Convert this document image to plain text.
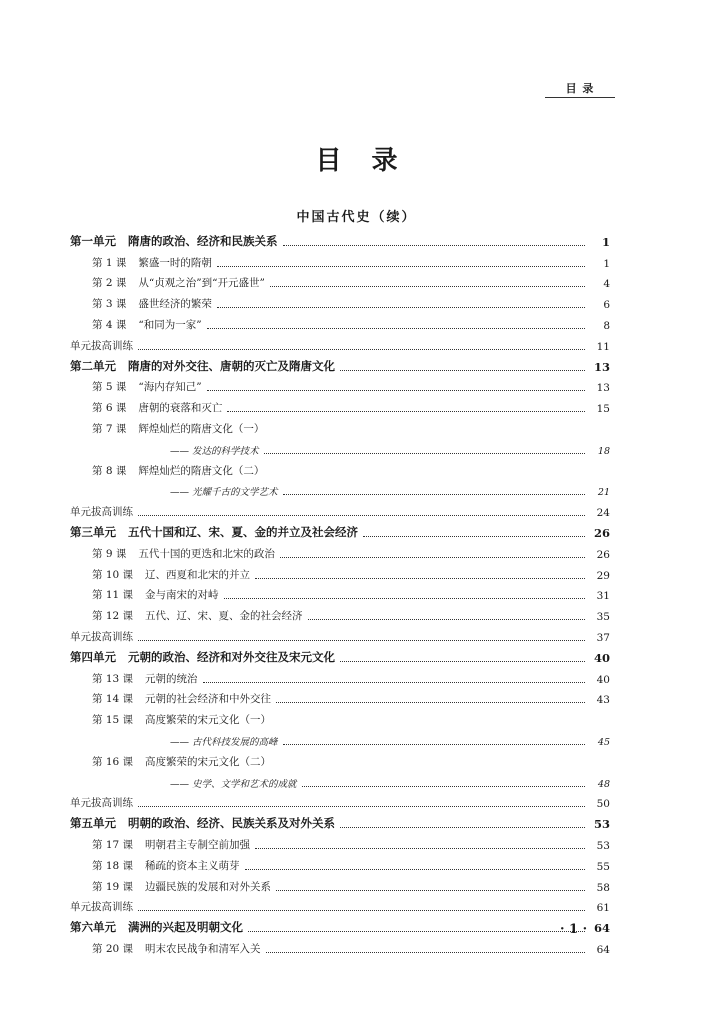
目 录
目录
中国古代史（续）
第一单元 隋唐的政治、经济和民族关系	1
第 1 课 繁盛一时的隋朝	1
第 2 课 从“贞观之治”到“开元盛世”	4
第 3 课 盛世经济的繁荣	6
第 4 课 “和同为一家”	8
单元拔高训练	11
第二单元 隋唐的对外交往、唐朝的灭亡及隋唐文化	13
第 5 课 “海内存知己”	13
第 6 课 唐朝的衰落和灭亡	15
第 7 课 辉煌灿烂的隋唐文化（一）
—— 发达的科学技术	18
第 8 课 辉煌灿烂的隋唐文化（二）
—— 光耀千古的文学艺术	21
单元拔高训练	24
第三单元 五代十国和辽、宋、夏、金的并立及社会经济	26
第 9 课 五代十国的更迭和北宋的政治	26
第 10 课 辽、西夏和北宋的并立	29
第 11 课 金与南宋的对峙	31
第 12 课 五代、辽、宋、夏、金的社会经济	35
单元拔高训练	37
第四单元 元朝的政治、经济和对外交往及宋元文化	40
第 13 课 元朝的统治	40
第 14 课 元朝的社会经济和中外交往	43
第 15 课 高度繁荣的宋元文化（一）
—— 古代科技发展的高峰	45
第 16 课 高度繁荣的宋元文化（二）
—— 史学、文学和艺术的成就	48
单元拔高训练	50
第五单元 明朝的政治、经济、民族关系及对外关系	53
第 17 课 明朝君主专制空前加强	53
第 18 课 稀疏的资本主义萌芽	55
第 19 课 边疆民族的发展和对外关系	58
单元拔高训练	61
第六单元 满洲的兴起及明朝文化	64
第 20 课 明末农民战争和清军入关	64
· 1 ·
